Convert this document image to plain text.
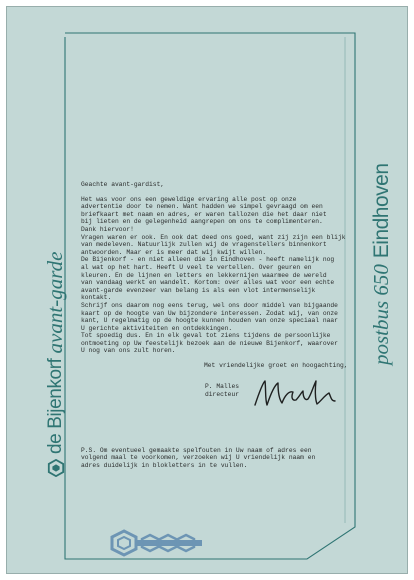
de Bijenkorf
avant-garde	postbus 650 Eindhoven

Geachte avant-gardist,

Het was voor ons een geweldige ervaring alle post op onze

advertentie door te nemen. Want hadden we simpel gevraagd om een

briefkaart met naam en adres, er waren tallozen die het daar niet

bij lieten en de gelegenheid aangrepen om ons te complimenteren.

Dank hiervoor!

Vragen waren er ook. En ook dat deed ons goed, want zij zijn een blijk

van medeleven. Natuurlijk zullen wij de vragenstellers binnenkort

antwoorden. Maar er is meer dat wij kwijt willen.

De Bijenkorf - en niet alleen die in Eindhoven - heeft namelijk nog

al wat op het hart. Heeft U veel te vertellen. Over geuren en

kleuren. En de lijnen en letters en lekkernijen waarmee de wereld

van vandaag werkt en wandelt. Kortom: over alles wat voor een echte

avant-garde evenzeer van belang is als een vlot intermenselijk

kontakt.

Schrijf ons daarom nog eens terug, wel ons door middel van bijgaande

kaart op de hoogte van Uw bijzondere interessen. Zodat wij, van onze

kant, U regelmatig op de hoogte kunnen houden van onze speciaal naar

U gerichte aktiviteiten en ontdekkingen.

Tot spoedig dus. En in elk geval tot ziens tijdens de persoonlijke

ontmoeting op Uw feestelijk bezoek aan de nieuwe Bijenkorf, waarover

U nog van ons zult horen.

Met vriendelijke groet en hoogachting,

P. Malles

directeur

P.S. Om eventueel gemaakte spelfouten in Uw naam of adres een

volgend maal te voorkomen, verzoeken wij U vriendelijk naam en

adres duidelijk in blokletters in te vullen.
